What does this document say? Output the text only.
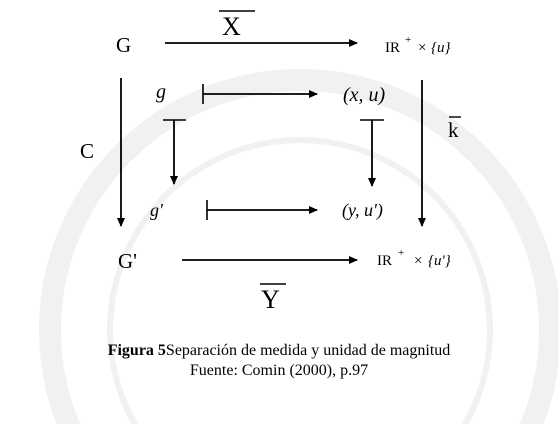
G
X
IR + × {u}
C
k
g	(x, u)
g'	(y, u')
G'	IR + × {u'}
Y
Figura 5Separación de medida y unidad de magnitud
Fuente: Comin (2000), p.97
